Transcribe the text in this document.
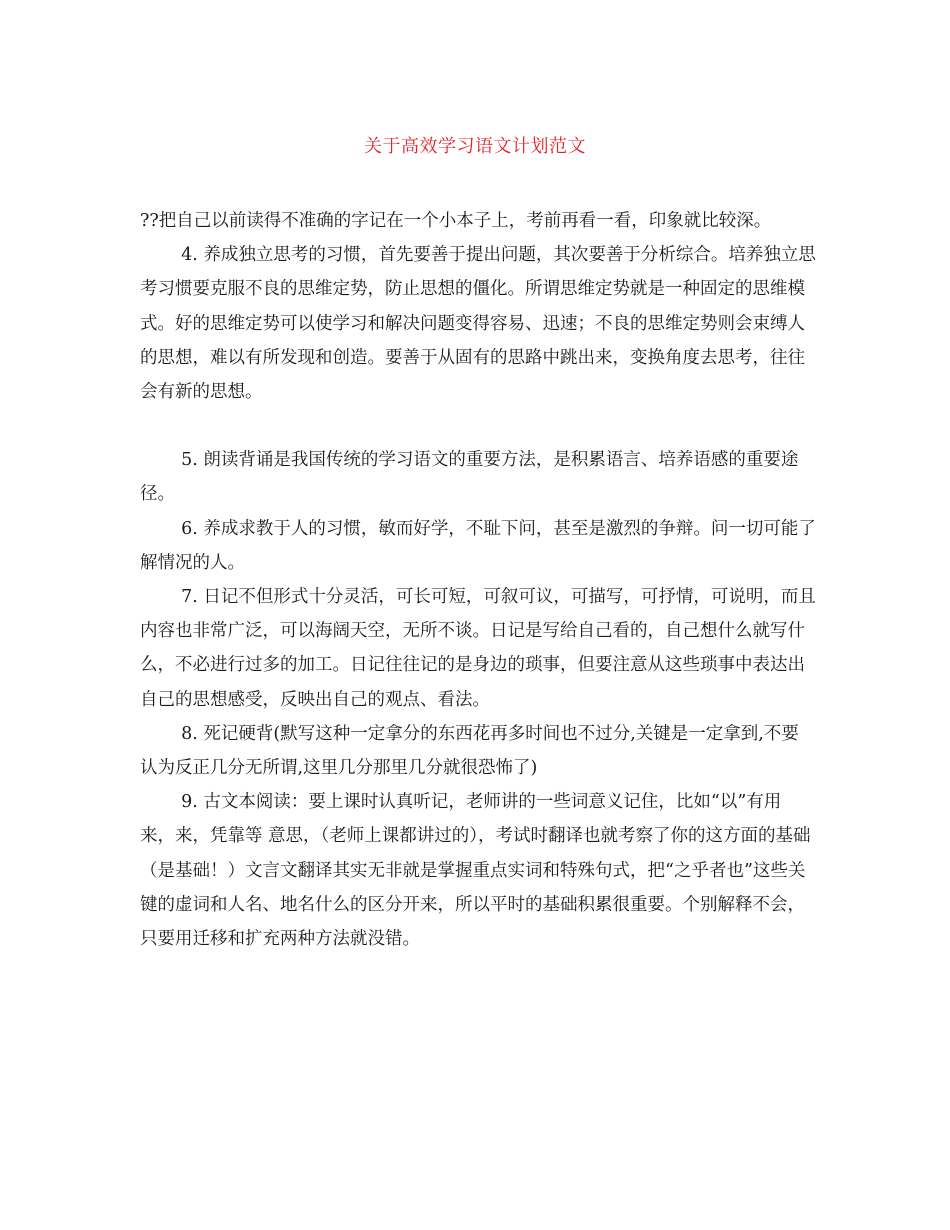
关于高效学习语文计划范文

??把自己以前读得不准确的字记在一个小本子上，考前再看一看，印象就比较深。

4. 养成独立思考的习惯，首先要善于提出问题，其次要善于分析综合。培养独立思考习惯要克服不良的思维定势，防止思想的僵化。所谓思维定势就是一种固定的思维模式。好的思维定势可以使学习和解决问题变得容易、迅速；不良的思维定势则会束缚人的思想，难以有所发现和创造。要善于从固有的思路中跳出来，变换角度去思考，往往会有新的思想。

5. 朗读背诵是我国传统的学习语文的重要方法，是积累语言、培养语感的重要途径。

6. 养成求教于人的习惯，敏而好学，不耻下问，甚至是激烈的争辩。问一切可能了解情况的人。

7. 日记不但形式十分灵活，可长可短，可叙可议，可描写，可抒情，可说明，而且内容也非常广泛，可以海阔天空，无所不谈。日记是写给自己看的，自己想什么就写什么，不必进行过多的加工。日记往往记的是身边的琐事，但要注意从这些琐事中表达出自己的思想感受，反映出自己的观点、看法。

8. 死记硬背(默写这种一定拿分的东西花再多时间也不过分,关键是一定拿到,不要认为反正几分无所谓,这里几分那里几分就很恐怖了)

9. 古文本阅读：要上课时认真听记，老师讲的一些词意义记住，比如“以”有用来，来，凭靠等 意思，（老师上课都讲过的），考试时翻译也就考察了你的这方面的基础（是基础！）文言文翻译其实无非就是掌握重点实词和特殊句式，把“之乎者也”这些关键的虚词和人名、地名什么的区分开来，所以平时的基础积累很重要。个别解释不会，只要用迁移和扩充两种方法就没错。
